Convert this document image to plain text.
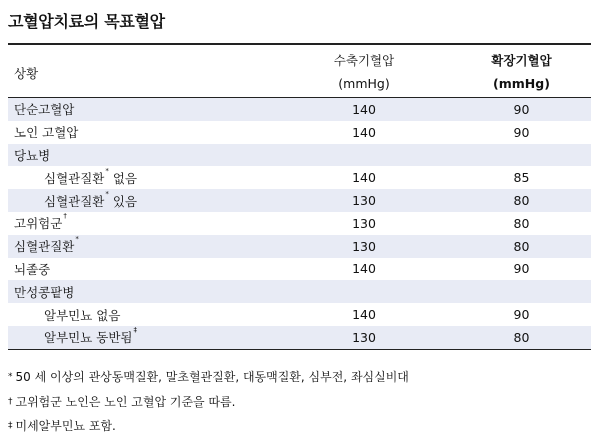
고혈압치료의 목표혈압
상황	수축기혈압	확장기혈압
	(mmHg)	(mmHg)
단순고혈압	140	90
노인 고혈압	140	90
당뇨병		
심혈관질환* 없음	140	85
심혈관질환* 있음	130	80
고위험군†	130	80
심혈관질환*	130	80
뇌졸중	140	90
만성콩팥병		
알부민뇨 없음	140	90
알부민뇨 동반됨‡	130	80
* 50 세 이상의 관상동맥질환, 말초혈관질환, 대동맥질환, 심부전, 좌심실비대
† 고위험군 노인은 노인 고혈압 기준을 따름.
‡ 미세알부민뇨 포함.
